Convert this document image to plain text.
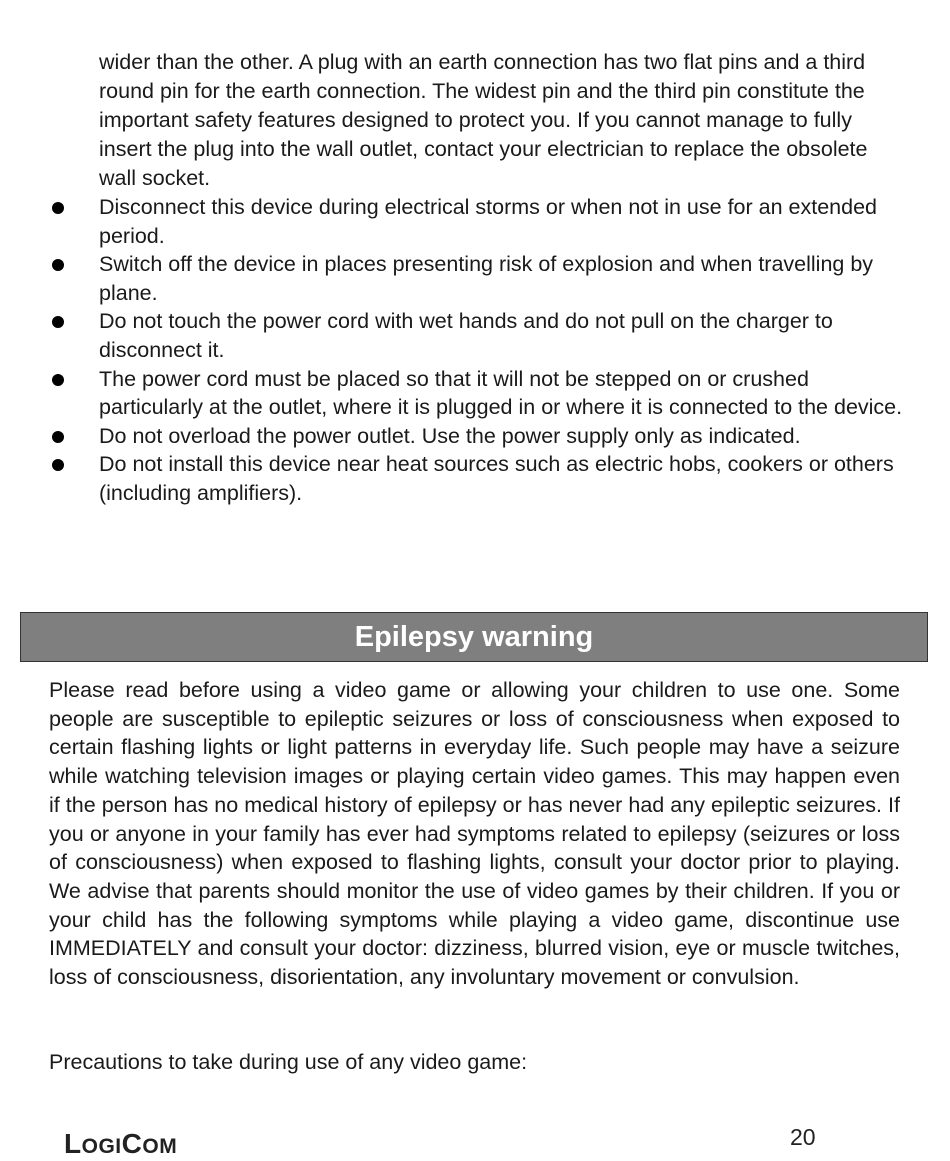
wider than the other. A plug with an earth connection has two flat pins and a third round pin for the earth connection. The widest pin and the third pin constitute the important safety features designed to protect you. If you cannot manage to fully insert the plug into the wall outlet, contact your electrician to replace the obsolete wall socket.

Disconnect this device during electrical storms or when not in use for an extended period.
Switch off the device in places presenting risk of explosion and when travelling by plane.
Do not touch the power cord with wet hands and do not pull on the charger to disconnect it.
The power cord must be placed so that it will not be stepped on or crushed particularly at the outlet, where it is plugged in or where it is connected to the device.
Do not overload the power outlet. Use the power supply only as indicated.
Do not install this device near heat sources such as electric hobs, cookers or others (including amplifiers).
Epilepsy warning

Please read before using a video game or allowing your children to use one. Some people are susceptible to epileptic seizures or loss of consciousness when exposed to certain flashing lights or light patterns in everyday life. Such people may have a seizure while watching television images or playing certain video games. This may happen even if the person has no medical history of epilepsy or has never had any epileptic seizures. If you or anyone in your family has ever had symptoms related to epilepsy (seizures or loss of consciousness) when exposed to flashing lights, consult your doctor prior to playing. We advise that parents should monitor the use of video games by their children. If you or your child has the following symptoms while playing a video game, discontinue use IMMEDIATELY and consult your doctor: dizziness, blurred vision, eye or muscle twitches, loss of consciousness, disorientation, any involuntary movement or convulsion.

Precautions to take during use of any video game:

LOGICOM	20
